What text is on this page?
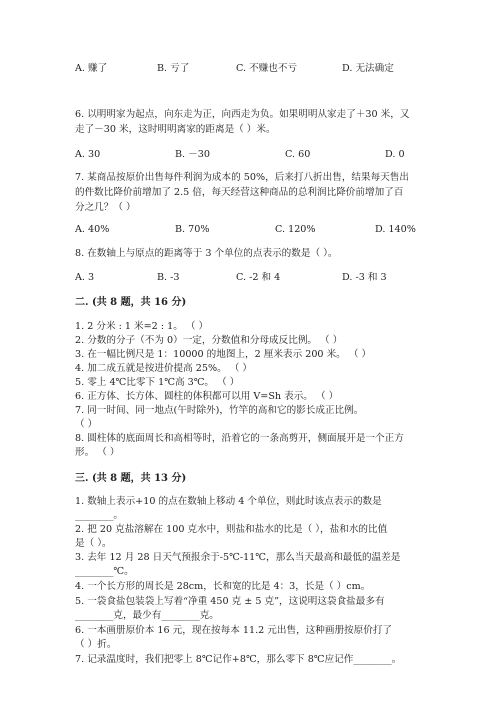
A. 赚了	B. 亏了	C. 不赚也不亏	D. 无法确定
6. 以明明家为起点，向东走为正，向西走为负。如果明明从家走了＋30 米，又
走了－30 米，这时明明离家的距离是（ ）米。
A. 30	B. －30	C. 60	D. 0
7. 某商品按原价出售每件利润为成本的 50%，后来打八折出售，结果每天售出
的件数比降价前增加了 2.5 倍，每天经营这种商品的总利润比降价前增加了百
分之几？（ ）
A. 40%	B. 70%	C. 120%	D. 140%
8. 在数轴上与原点的距离等于 3 个单位的点表示的数是（ ）。
A. 3	B. -3	C. -2 和 4	D. -3 和 3
二. (共 8 题，共 16 分)
1. 2 分米 : 1 米=2 : 1。 （ ）
2. 分数的分子（不为 0）一定，分数值和分母成反比例。 （ ）
3. 在一幅比例尺是 1：10000 的地图上，2 厘米表示 200 米。 （ ）
4. 加二成五就是按进价提高 25%。 （ ）
5. 零上 4℃比零下 1℃高 3℃。 （ ）
6. 正方体、长方体、圆柱的体积都可以用 V=Sh 表示。 （ ）
7. 同一时间、同一地点(午时除外)，竹竿的高和它的影长成正比例。
（ ）
8. 圆柱体的底面周长和高相等时，沿着它的一条高剪开，侧面展开是一个正方
形。 （ ）
三. (共 8 题，共 13 分)
1. 数轴上表示+10 的点在数轴上移动 4 个单位，则此时该点表示的数是
________。
2. 把 20 克盐溶解在 100 克水中，则盐和盐水的比是（ ），盐和水的比值
是（ ）。
3. 去年 12 月 28 日天气预报余于-5℃-11℃，那么当天最高和最低的温差是
________℃。
4. 一个长方形的周长是 28cm，长和宽的比是 4：3，长是（ ）cm。
5. 一袋食盐包装袋上写着“净重 450 克 ± 5 克”，这说明这袋食盐最多有
________克，最少有________克。
6. 一本画册原价本 16 元，现在按每本 11.2 元出售，这种画册按原价打了
（ ）折。
7. 记录温度时，我们把零上 8℃记作+8℃，那么零下 8℃应记作________。
